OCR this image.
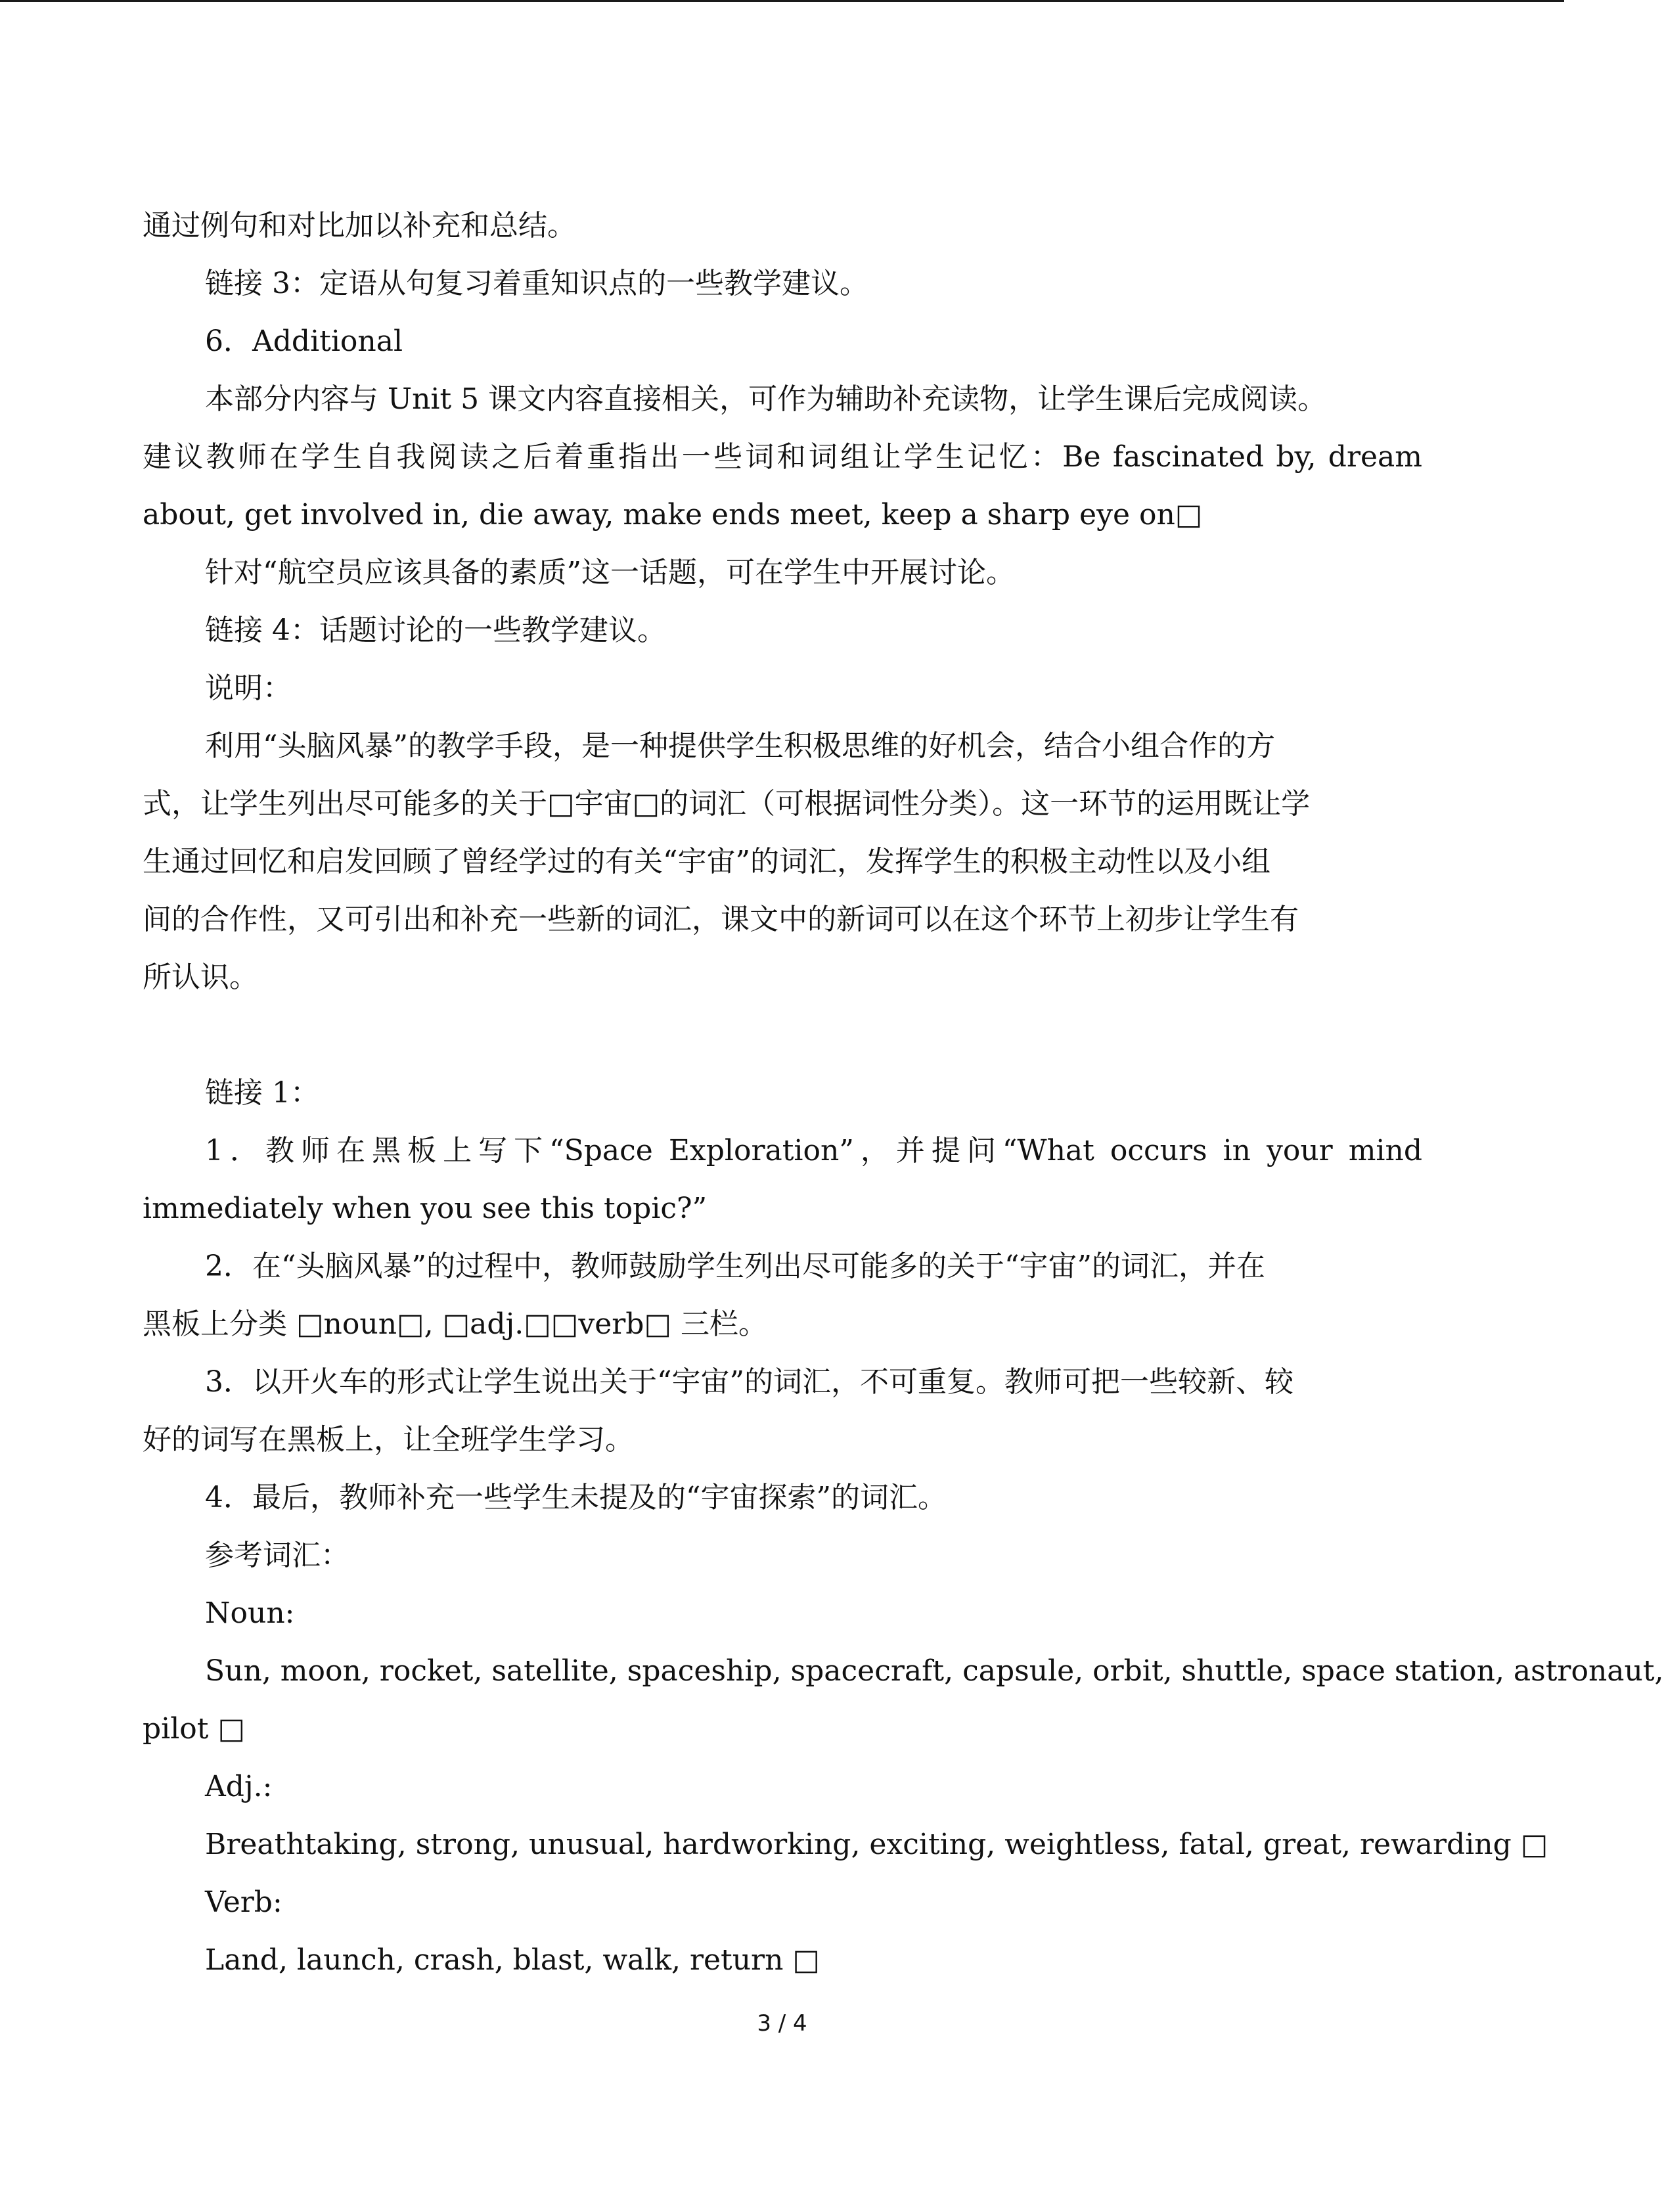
通过例句和对比加以补充和总结。
链接 3：定语从句复习着重知识点的一些教学建议。
6．Additional
本部分内容与 Unit 5 课文内容直接相关，可作为辅助补充读物，让学生课后完成阅读。
建议教师在学生自我阅读之后着重指出一些词和词组让学生记忆：Be fascinated by, dream
about, get involved in, die away, make ends meet, keep a sharp eye on□
针对“航空员应该具备的素质”这一话题，可在学生中开展讨论。
链接 4：话题讨论的一些教学建议。
说明：
利用“头脑风暴”的教学手段，是一种提供学生积极思维的好机会，结合小组合作的方
式，让学生列出尽可能多的关于□宇宙□的词汇（可根据词性分类）。这一环节的运用既让学
生通过回忆和启发回顾了曾经学过的有关“宇宙”的词汇，发挥学生的积极主动性以及小组
间的合作性，又可引出和补充一些新的词汇，课文中的新词可以在这个环节上初步让学生有
所认识。
链接 1：
1．教师在黑板上写下“Space Exploration”，并提问“What occurs in your mind
immediately when you see this topic?”
2．在“头脑风暴”的过程中，教师鼓励学生列出尽可能多的关于“宇宙”的词汇，并在
黑板上分类 □noun□, □adj.□□verb□ 三栏。
3．以开火车的形式让学生说出关于“宇宙”的词汇，不可重复。教师可把一些较新、较
好的词写在黑板上，让全班学生学习。
4．最后，教师补充一些学生未提及的“宇宙探索”的词汇。
参考词汇：
Noun:
Sun, moon, rocket, satellite, spaceship, spacecraft, capsule, orbit, shuttle, space station, astronaut,
pilot □
Adj.:
Breathtaking, strong, unusual, hardworking, exciting, weightless, fatal, great, rewarding □
Verb:
Land, launch, crash, blast, walk, return □
3 / 4
